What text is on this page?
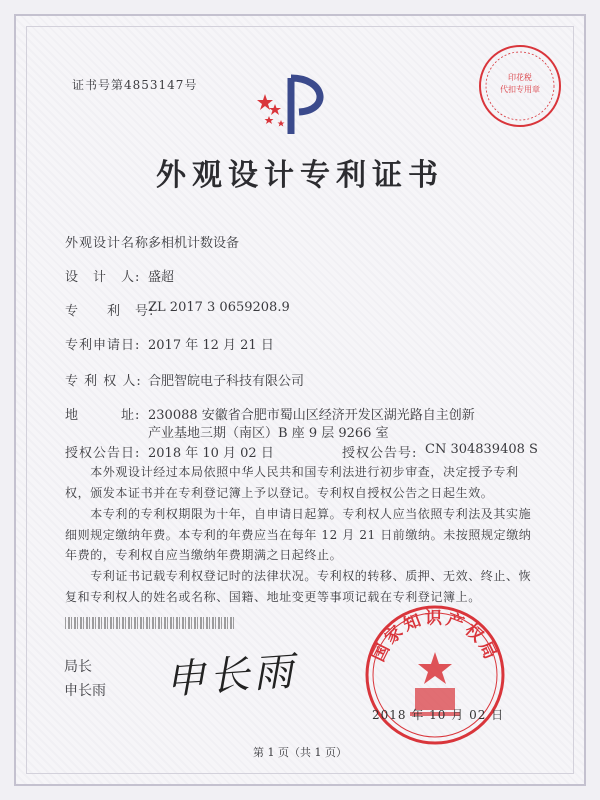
证书号第4853147号
印花税
代扣专用章
外观设计专利证书
外观设计名称:
多相机计数设备
设　计　人: 盛超
专　　利　号:
ZL 2017 3 0659208.9
专利申请日: 2017 年 12 月 21 日
专 利 权 人: 合肥智皖电子科技有限公司
地　　　址: 230088 安徽省合肥市蜀山区经济开发区湖光路自主创新
产业基地三期（南区）B 座 9 层 9266 室
授权公告日: 2018 年 10 月 02 日	授权公告号: CN 304839408 S
　　本外观设计经过本局依照中华人民共和国专利法进行初步审查，决定授予专利权，颁发本证书并在专利登记簿上予以登记。专利权自授权公告之日起生效。
　　本专利的专利权期限为十年，自申请日起算。专利权人应当依照专利法及其实施细则规定缴纳年费。本专利的年费应当在每年 12 月 21 日前缴纳。未按照规定缴纳年费的，专利权自应当缴纳年费期满之日起终止。
　　专利证书记载专利权登记时的法律状况。专利权的转移、质押、无效、终止、恢复和专利权人的姓名或名称、国籍、地址变更等事项记载在专利登记簿上。
局长
申长雨 申长雨	国家知识产权局
2018 年 10 月 02 日
第 1 页（共 1 页）
